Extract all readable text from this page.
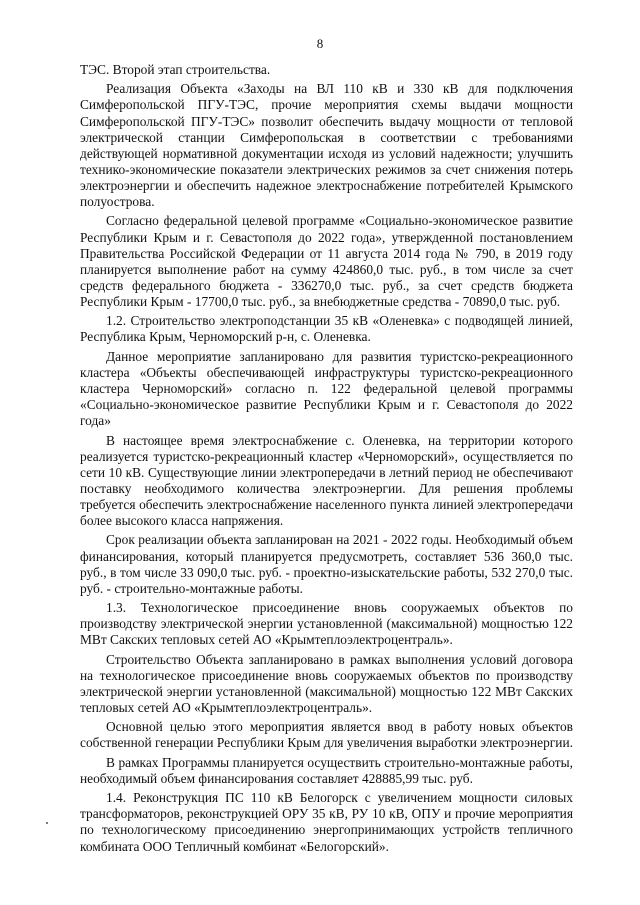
8

ТЭС. Второй этап строительства.

Реализация Объекта «Заходы на ВЛ 110 кВ и 330 кВ для подключения Симферопольской ПГУ-ТЭС, прочие мероприятия схемы выдачи мощности Симферопольской ПГУ-ТЭС» позволит обеспечить выдачу мощности от тепловой электрической станции Симферопольская в соответствии с требованиями действующей нормативной документации исходя из условий надежности; улучшить технико-экономические показатели электрических режимов за счет снижения потерь электроэнергии и обеспечить надежное электроснабжение потребителей Крымского полуострова.

Согласно федеральной целевой программе «Социально-экономическое развитие Республики Крым и г. Севастополя до 2022 года», утвержденной постановлением Правительства Российской Федерации от 11 августа 2014 года № 790, в 2019 году планируется выполнение работ на сумму 424860,0 тыс. руб., в том числе за счет средств федерального бюджета - 336270,0 тыс. руб., за счет средств бюджета Республики Крым - 17700,0 тыс. руб., за внебюджетные средства - 70890,0 тыс. руб.

1.2. Строительство электроподстанции 35 кВ «Оленевка» с подводящей линией, Республика Крым, Черноморский р-н, с. Оленевка.

Данное мероприятие запланировано для развития туристско-рекреационного кластера «Объекты обеспечивающей инфраструктуры туристско-рекреационного кластера Черноморский» согласно п. 122 федеральной целевой программы «Социально-экономическое развитие Республики Крым и г. Севастополя до 2022 года»

В настоящее время электроснабжение с. Оленевка, на территории которого реализуется туристско-рекреационный кластер «Черноморский», осуществляется по сети 10 кВ. Существующие линии электропередачи в летний период не обеспечивают поставку необходимого количества электроэнергии. Для решения проблемы требуется обеспечить электроснабжение населенного пункта линией электропередачи более высокого класса напряжения.

Срок реализации объекта запланирован на 2021 - 2022 годы. Необходимый объем финансирования, который планируется предусмотреть, составляет 536 360,0 тыс. руб., в том числе 33 090,0 тыс. руб. - проектно-изыскательские работы, 532 270,0 тыс. руб. - строительно-монтажные работы.

1.3. Технологическое присоединение вновь сооружаемых объектов по производству электрической энергии установленной (максимальной) мощностью 122 МВт Сакских тепловых сетей АО «Крымтеплоэлектроцентраль».

Строительство Объекта запланировано в рамках выполнения условий договора на технологическое присоединение вновь сооружаемых объектов по производству электрической энергии установленной (максимальной) мощностью 122 МВт Сакских тепловых сетей АО «Крымтеплоэлектроцентраль».

Основной целью этого мероприятия является ввод в работу новых объектов собственной генерации Республики Крым для увеличения выработки электроэнергии.

В рамках Программы планируется осуществить строительно-монтажные работы, необходимый объем финансирования составляет 428885,99 тыс. руб.

1.4. Реконструкция ПС 110 кВ Белогорск с увеличением мощности силовых трансформаторов, реконструкцией ОРУ 35 кВ, РУ 10 кВ, ОПУ и прочие мероприятия по технологическому присоединению энергопринимающих устройств тепличного комбината ООО Тепличный комбинат «Белогорский».
